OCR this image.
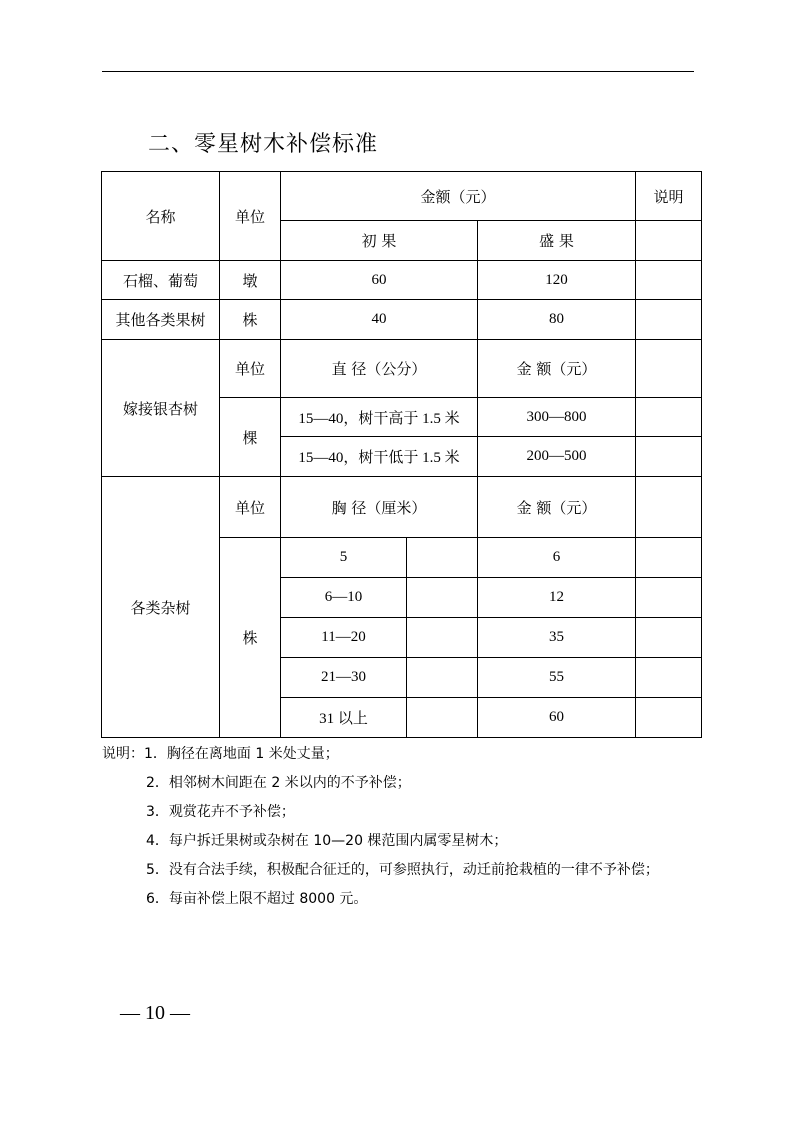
二、零星树木补偿标准
名称	单位	金额（元）			说明
		初 果		盛 果	
石榴、葡萄	墩	60		120	
其他各类果树	株	40		80	
嫁接银杏树	单位	直 径（公分）		金 额（元）	
	棵	15—40，树干高于 1.5 米		300—800	
		15—40，树干低于 1.5 米		200—500	
各类杂树	单位	胸 径（厘米）		金 额（元）	
	株	5		6	
		6—10		12	
		11—20		35	
		21—30		55	
		31 以上		60	
说明：1．胸径在离地面 1 米处丈量；
2．相邻树木间距在 2 米以内的不予补偿；
3．观赏花卉不予补偿；
4．每户拆迁果树或杂树在 10—20 棵范围内属零星树木；
5．没有合法手续，积极配合征迁的，可参照执行，动迁前抢栽植的一律不予补偿；
6．每亩补偿上限不超过 8000 元。
— 10 —
